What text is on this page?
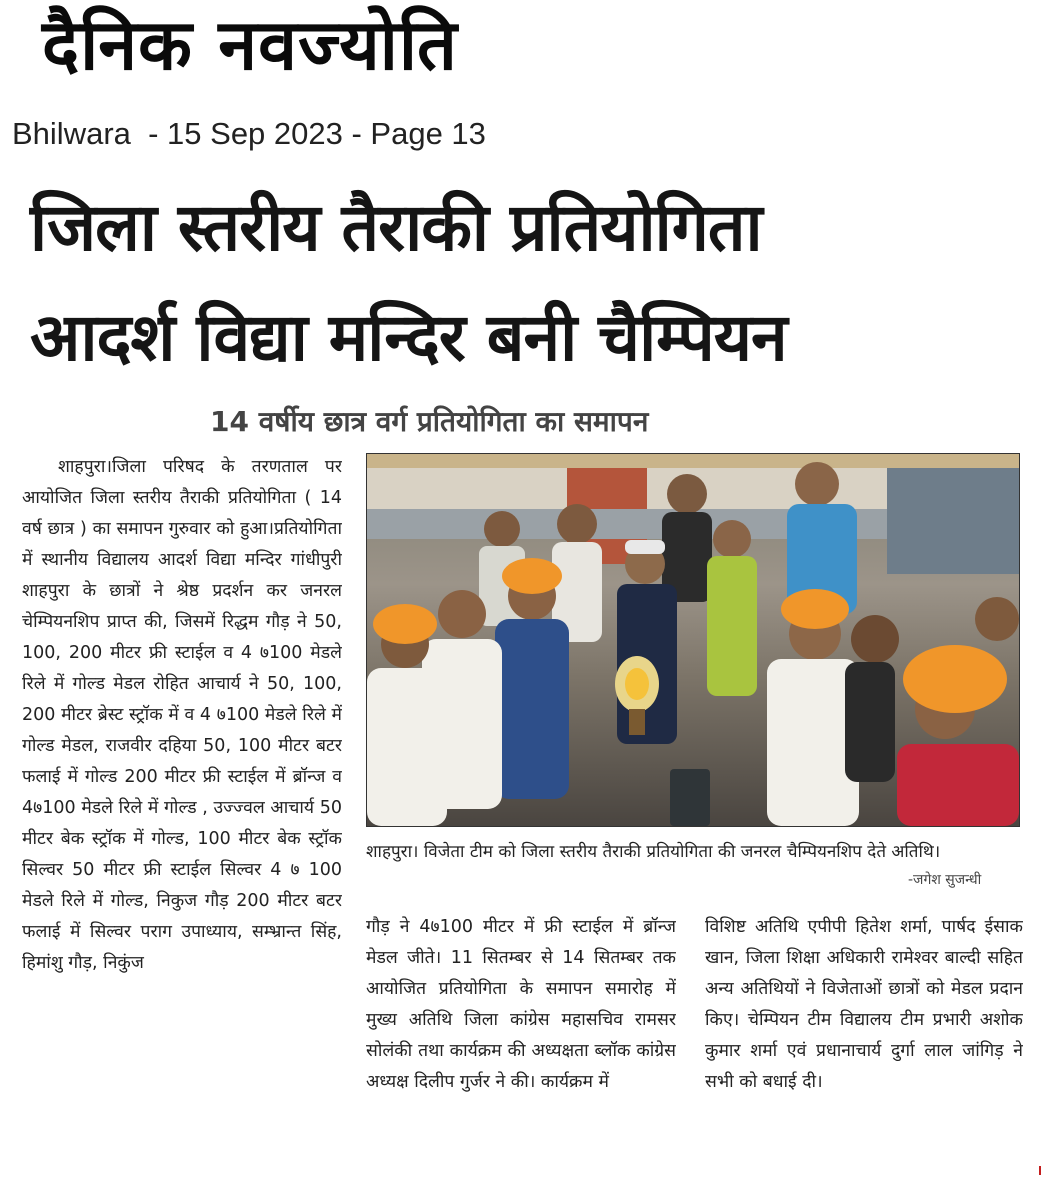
दैनिक नवज्योति
Bhilwara  - 15 Sep 2023 - Page 13
जिला स्तरीय तैराकी प्रतियोगिता
आदर्श विद्या मन्दिर बनी चैम्पियन
14 वर्षीय छात्र वर्ग प्रतियोगिता का समापन

शाहपुरा।जिला परिषद के तरणताल पर आयोजित जिला स्तरीय तैराकी प्रतियोगिता ( 14 वर्ष छात्र ) का समापन गुरुवार को हुआ।प्रतियोगिता में स्थानीय विद्यालय आदर्श विद्या मन्दिर गांधीपुरी शाहपुरा के छात्रों ने श्रेष्ठ प्रदर्शन कर जनरल चेम्पियनशिप प्राप्त की, जिसमें रिद्धम गौड़ ने 50, 100, 200 मीटर फ्री स्टाईल व 4 ७100 मेडले रिले में गोल्ड मेडल रोहित आचार्य ने 50, 100, 200 मीटर ब्रेस्ट स्ट्रॉक में व 4 ७100 मेडले रिले में गोल्ड मेडल, राजवीर दहिया 50, 100 मीटर बटर फलाई में गोल्ड 200 मीटर फ्री स्टाईल में ब्रॉन्ज व 4७100 मेडले रिले में गोल्ड , उज्ज्वल आचार्य 50 मीटर बेक स्ट्रॉक में गोल्ड, 100 मीटर बेक स्ट्रॉक सिल्वर 50 मीटर फ्री स्टाईल सिल्वर 4 ७ 100 मेडले रिले में गोल्ड, निकुज गौड़ 200 मीटर बटर फलाई में सिल्वर पराग उपाध्याय, सम्भ्रान्त सिंह, हिमांशु गौड़, निकुंज

शाहपुरा। विजेता टीम को जिला स्तरीय तैराकी प्रतियोगिता की जनरल चैम्पियनशिप देते अतिथि।
-जगेश सुजन्धी

गौड़ ने 4७100 मीटर में फ्री स्टाईल में ब्रॉन्ज मेडल जीते। 11 सितम्बर से 14 सितम्बर तक आयोजित प्रतियोगिता के समापन समारोह में मुख्य अतिथि जिला कांग्रेस महासचिव रामसर सोलंकी तथा कार्यक्रम की अध्यक्षता ब्लॉक कांग्रेस अध्यक्ष दिलीप गुर्जर ने की। कार्यक्रम में

विशिष्ट अतिथि एपीपी हितेश शर्मा, पार्षद ईसाक खान, जिला शिक्षा अधिकारी रामेश्वर बाल्दी सहित अन्य अतिथियों ने विजेताओं छात्रों को मेडल प्रदान किए। चेम्पियन टीम विद्यालय टीम प्रभारी अशोक कुमार शर्मा एवं प्रधानाचार्य दुर्गा लाल जांगिड़ ने सभी को बधाई दी।
